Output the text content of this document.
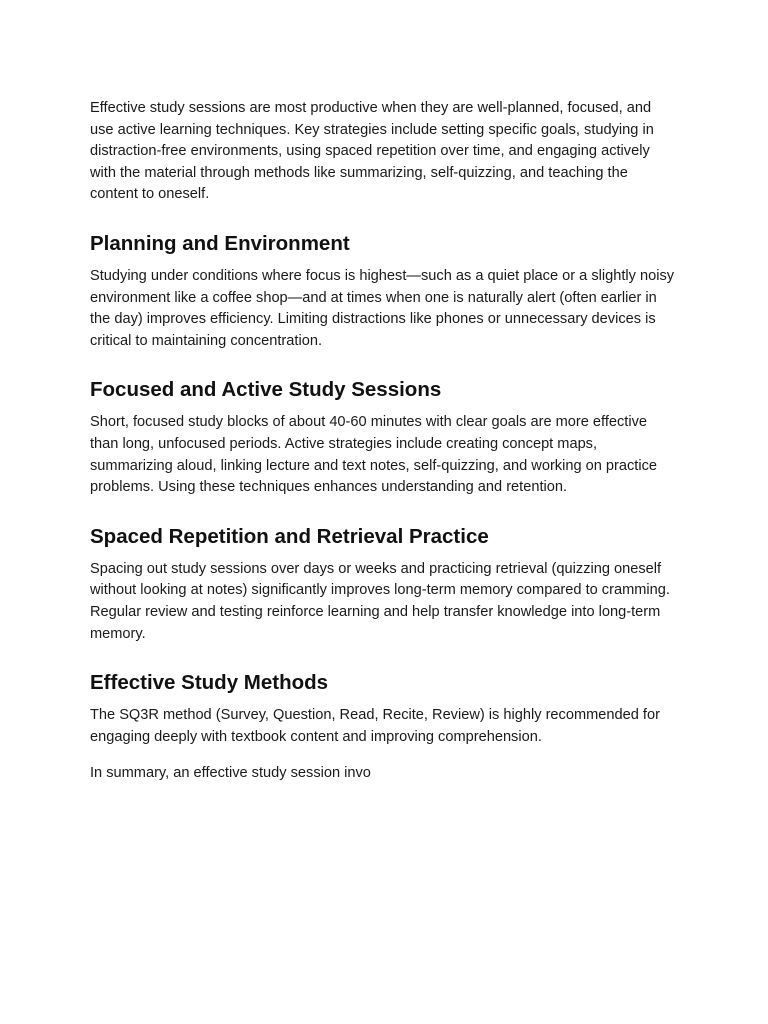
Effective study sessions are most productive when they are well-planned, focused, and use active learning techniques. Key strategies include setting specific goals, studying in distraction-free environments, using spaced repetition over time, and engaging actively with the material through methods like summarizing, self-quizzing, and teaching the content to oneself.

Planning and Environment

Studying under conditions where focus is highest—such as a quiet place or a slightly noisy environment like a coffee shop—and at times when one is naturally alert (often earlier in the day) improves efficiency. Limiting distractions like phones or unnecessary devices is critical to maintaining concentration.

Focused and Active Study Sessions

Short, focused study blocks of about 40-60 minutes with clear goals are more effective than long, unfocused periods. Active strategies include creating concept maps, summarizing aloud, linking lecture and text notes, self-quizzing, and working on practice problems. Using these techniques enhances understanding and retention.

Spaced Repetition and Retrieval Practice

Spacing out study sessions over days or weeks and practicing retrieval (quizzing oneself without looking at notes) significantly improves long-term memory compared to cramming. Regular review and testing reinforce learning and help transfer knowledge into long-term memory.

Effective Study Methods

The SQ3R method (Survey, Question, Read, Recite, Review) is highly recommended for engaging deeply with textbook content and improving comprehension.

In summary, an effective study session invo
